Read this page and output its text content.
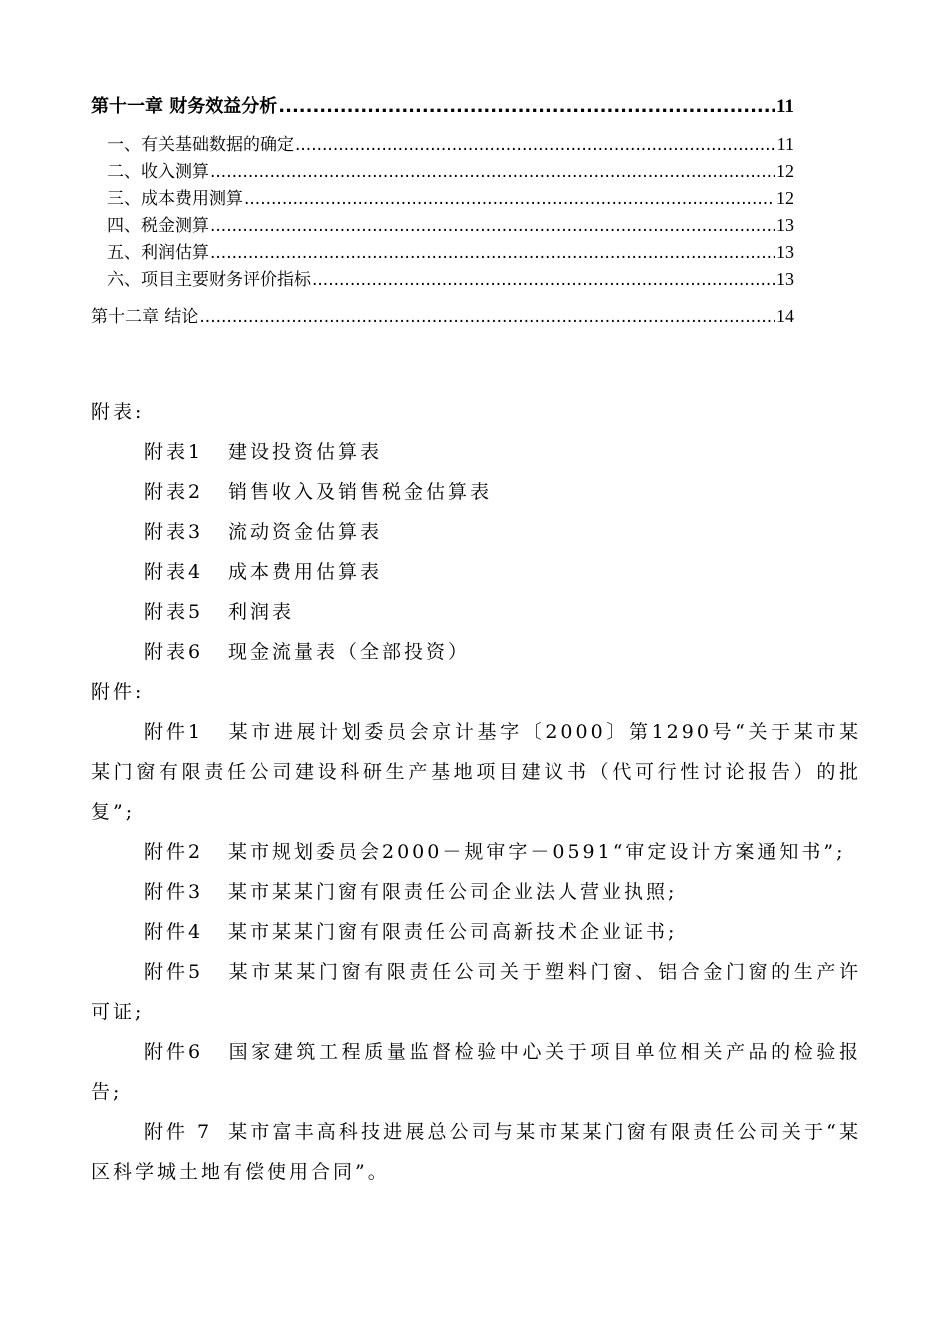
第十一章 财务效益分析 .....	11
一、有关基础数据的确定 .....	11
二、收入测算 .....	12
三、成本费用测算 .....	12
四、税金测算 .....	13
五、利润估算 .....	13
六、项目主要财务评价指标 .....	13
第十二章 结论 .....	14
附表:
附表1 建设投资估算表
附表2 销售收入及销售税金估算表
附表3 流动资金估算表
附表4 成本费用估算表
附表5 利润表
附表6 现金流量表（全部投资）
附件:
附件1 某市进展计划委员会京计基字〔2000〕第1290号“关于某市某某门窗有限责任公司建设科研生产基地项目建议书（代可行性讨论报告）的批复”;
附件2 某市规划委员会2000－规审字－0591“审定设计方案通知书”;
附件3 某市某某门窗有限责任公司企业法人营业执照;
附件4 某市某某门窗有限责任公司高新技术企业证书;
附件5 某市某某门窗有限责任公司关于塑料门窗、铝合金门窗的生产许可证;
附件6 国家建筑工程质量监督检验中心关于项目单位相关产品的检验报告;
附件 7 某市富丰高科技进展总公司与某市某某门窗有限责任公司关于“某区科学城土地有偿使用合同”。
